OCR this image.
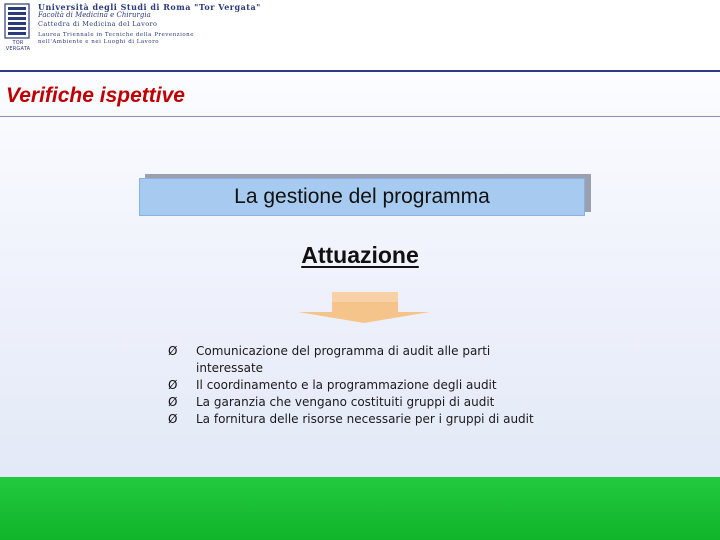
TOR VERGATA
Università degli Studi di Roma "Tor Vergata"
Facoltà di Medicina e Chirurgia
Cattedra di Medicina del Lavoro
Laurea Triennale in Tecniche della Prevenzione
nell'Ambiente e nei Luoghi di Lavoro
Verifiche ispettive
La gestione del programma
Attuazione
Ø	Comunicazione del programma di audit alle parti interessate
Ø	Il coordinamento e la programmazione degli audit
Ø	La garanzia che vengano costituiti gruppi di audit
Ø	La fornitura delle risorse necessarie per i gruppi di audit
